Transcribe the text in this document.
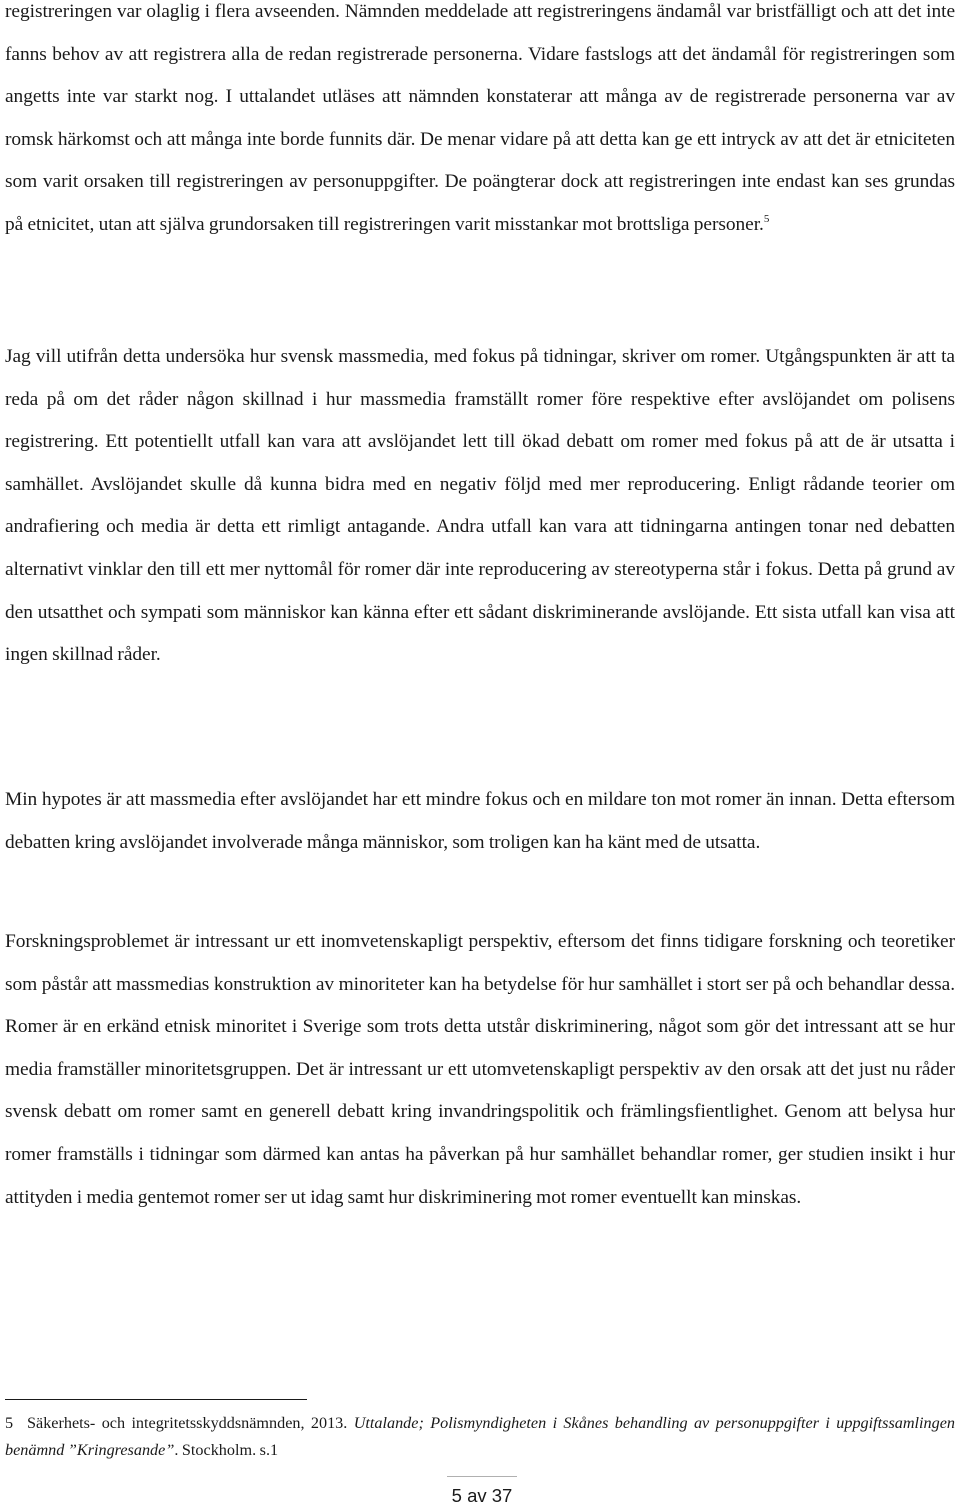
registreringen var olaglig i flera avseenden. Nämnden meddelade att registreringens ändamål var bristfälligt och att det inte fanns behov av att registrera alla de redan registrerade personerna. Vidare fastslogs att det ändamål för registreringen som angetts inte var starkt nog. I uttalandet utläses att nämnden konstaterar att många av de registrerade personerna var av romsk härkomst och att många inte borde funnits där. De menar vidare på att detta kan ge ett intryck av att det är etniciteten som varit orsaken till registreringen av personuppgifter. De poängterar dock att registreringen inte endast kan ses grundas på etnicitet, utan att själva grundorsaken till registreringen varit misstankar mot brottsliga personer.$^5$

Jag vill utifrån detta undersöka hur svensk massmedia, med fokus på tidningar, skriver om romer. Utgångspunkten är att ta reda på om det råder någon skillnad i hur massmedia framställt romer före respektive efter avslöjandet om polisens registrering. Ett potentiellt utfall kan vara att avslöjandet lett till ökad debatt om romer med fokus på att de är utsatta i samhället. Avslöjandet skulle då kunna bidra med en negativ följd med mer reproducering. Enligt rådande teorier om andrafiering och media är detta ett rimligt antagande. Andra utfall kan vara att tidningarna antingen tonar ned debatten alternativt vinklar den till ett mer nyttomål för romer där inte reproducering av stereotyperna står i fokus. Detta på grund av den utsatthet och sympati som människor kan känna efter ett sådant diskriminerande avslöjande. Ett sista utfall kan visa att ingen skillnad råder.

Min hypotes är att massmedia efter avslöjandet har ett mindre fokus och en mildare ton mot romer än innan. Detta eftersom debatten kring avslöjandet involverade många människor, som troligen kan ha känt med de utsatta.

Forskningsproblemet är intressant ur ett inomvetenskapligt perspektiv, eftersom det finns tidigare forskning och teoretiker som påstår att massmedias konstruktion av minoriteter kan ha betydelse för hur samhället i stort ser på och behandlar dessa. Romer är en erkänd etnisk minoritet i Sverige som trots detta utstår diskriminering, något som gör det intressant att se hur media framställer minoritetsgruppen. Det är intressant ur ett utomvetenskapligt perspektiv av den orsak att det just nu råder svensk debatt om romer samt en generell debatt kring invandringspolitik och främlingsfientlighet. Genom att belysa hur romer framställs i tidningar som därmed kan antas ha påverkan på hur samhället behandlar romer, ger studien insikt i hur attityden i media gentemot romer ser ut idag samt hur diskriminering mot romer eventuellt kan minskas.

5 Säkerhets- och integritetsskyddsnämnden, 2013. Uttalande; Polismyndigheten i Skånes behandling av personuppgifter i uppgiftssamlingen benämnd ”Kringresande”. Stockholm. s.1

5 av 37
